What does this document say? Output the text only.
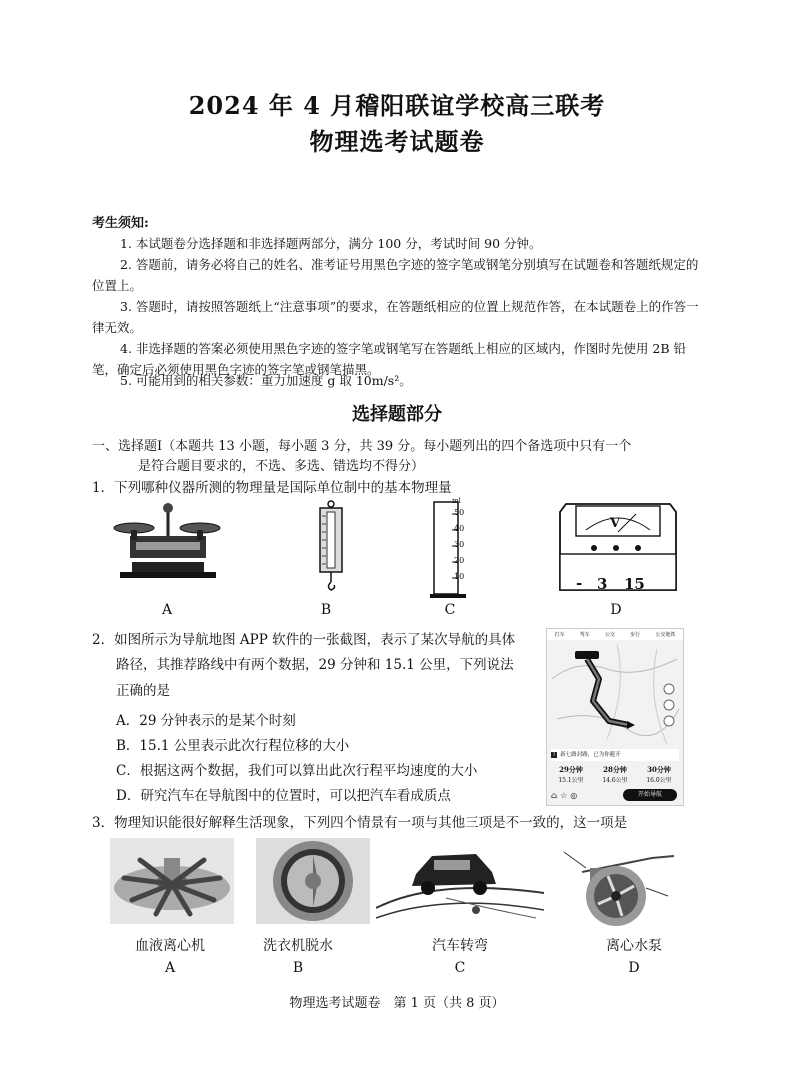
2024 年 4 月稽阳联谊学校高三联考
物理选考试题卷
考生须知:
1. 本试题卷分选择题和非选择题两部分，满分 100 分，考试时间 90 分钟。
2. 答题前，请务必将自己的姓名、准考证号用黑色字迹的签字笔或钢笔分别填写在试题卷和答题纸规定的位置上。
3. 答题时，请按照答题纸上“注意事项”的要求，在答题纸相应的位置上规范作答，在本试题卷上的作答一律无效。
4. 非选择题的答案必须使用黑色字迹的签字笔或钢笔写在答题纸上相应的区域内，作图时先使用 2B 铅笔，确定后必须使用黑色字迹的签字笔或钢笔描黑。
5. 可能用到的相关参数：重力加速度 g 取 10m/s²。
选择题部分
一、选择题Ⅰ（本题共 13 小题，每小题 3 分，共 39 分。每小题列出的四个备选项中只有一个
是符合题目要求的，不选、多选、错选均不得分）
1．下列哪种仪器所测的物理量是国际单位制中的基本物理量
ml
50
40
30
20
10
V
- 3 15
A	B	C	D
2．如图所示为导航地图 APP 软件的一张截图，表示了某次导航的具体
路径，其推荐路线中有两个数据，29 分钟和 15.1 公里，下列说法
正确的是
A．29 分钟表示的是某个时刻
B．15.1 公里表示此次行程位移的大小
C．根据这两个数据，我们可以算出此次行程平均速度的大小
D．研究汽车在导航图中的位置时，可以把汽车看成质点
打车	驾车	公交	步行	公交地铁
! 新七路封路，已为你避开
29分钟
15.1公里
28分钟
14.6公里
30分钟
16.0公里
⌂☆◎	开始导航
3．物理知识能很好解释生活现象，下列四个情景有一项与其他三项是不一致的，这一项是
血液离心机	洗衣机脱水	汽车转弯	离心水泵
A	B	C	D
物理选考试题卷　第 1 页（共 8 页）
